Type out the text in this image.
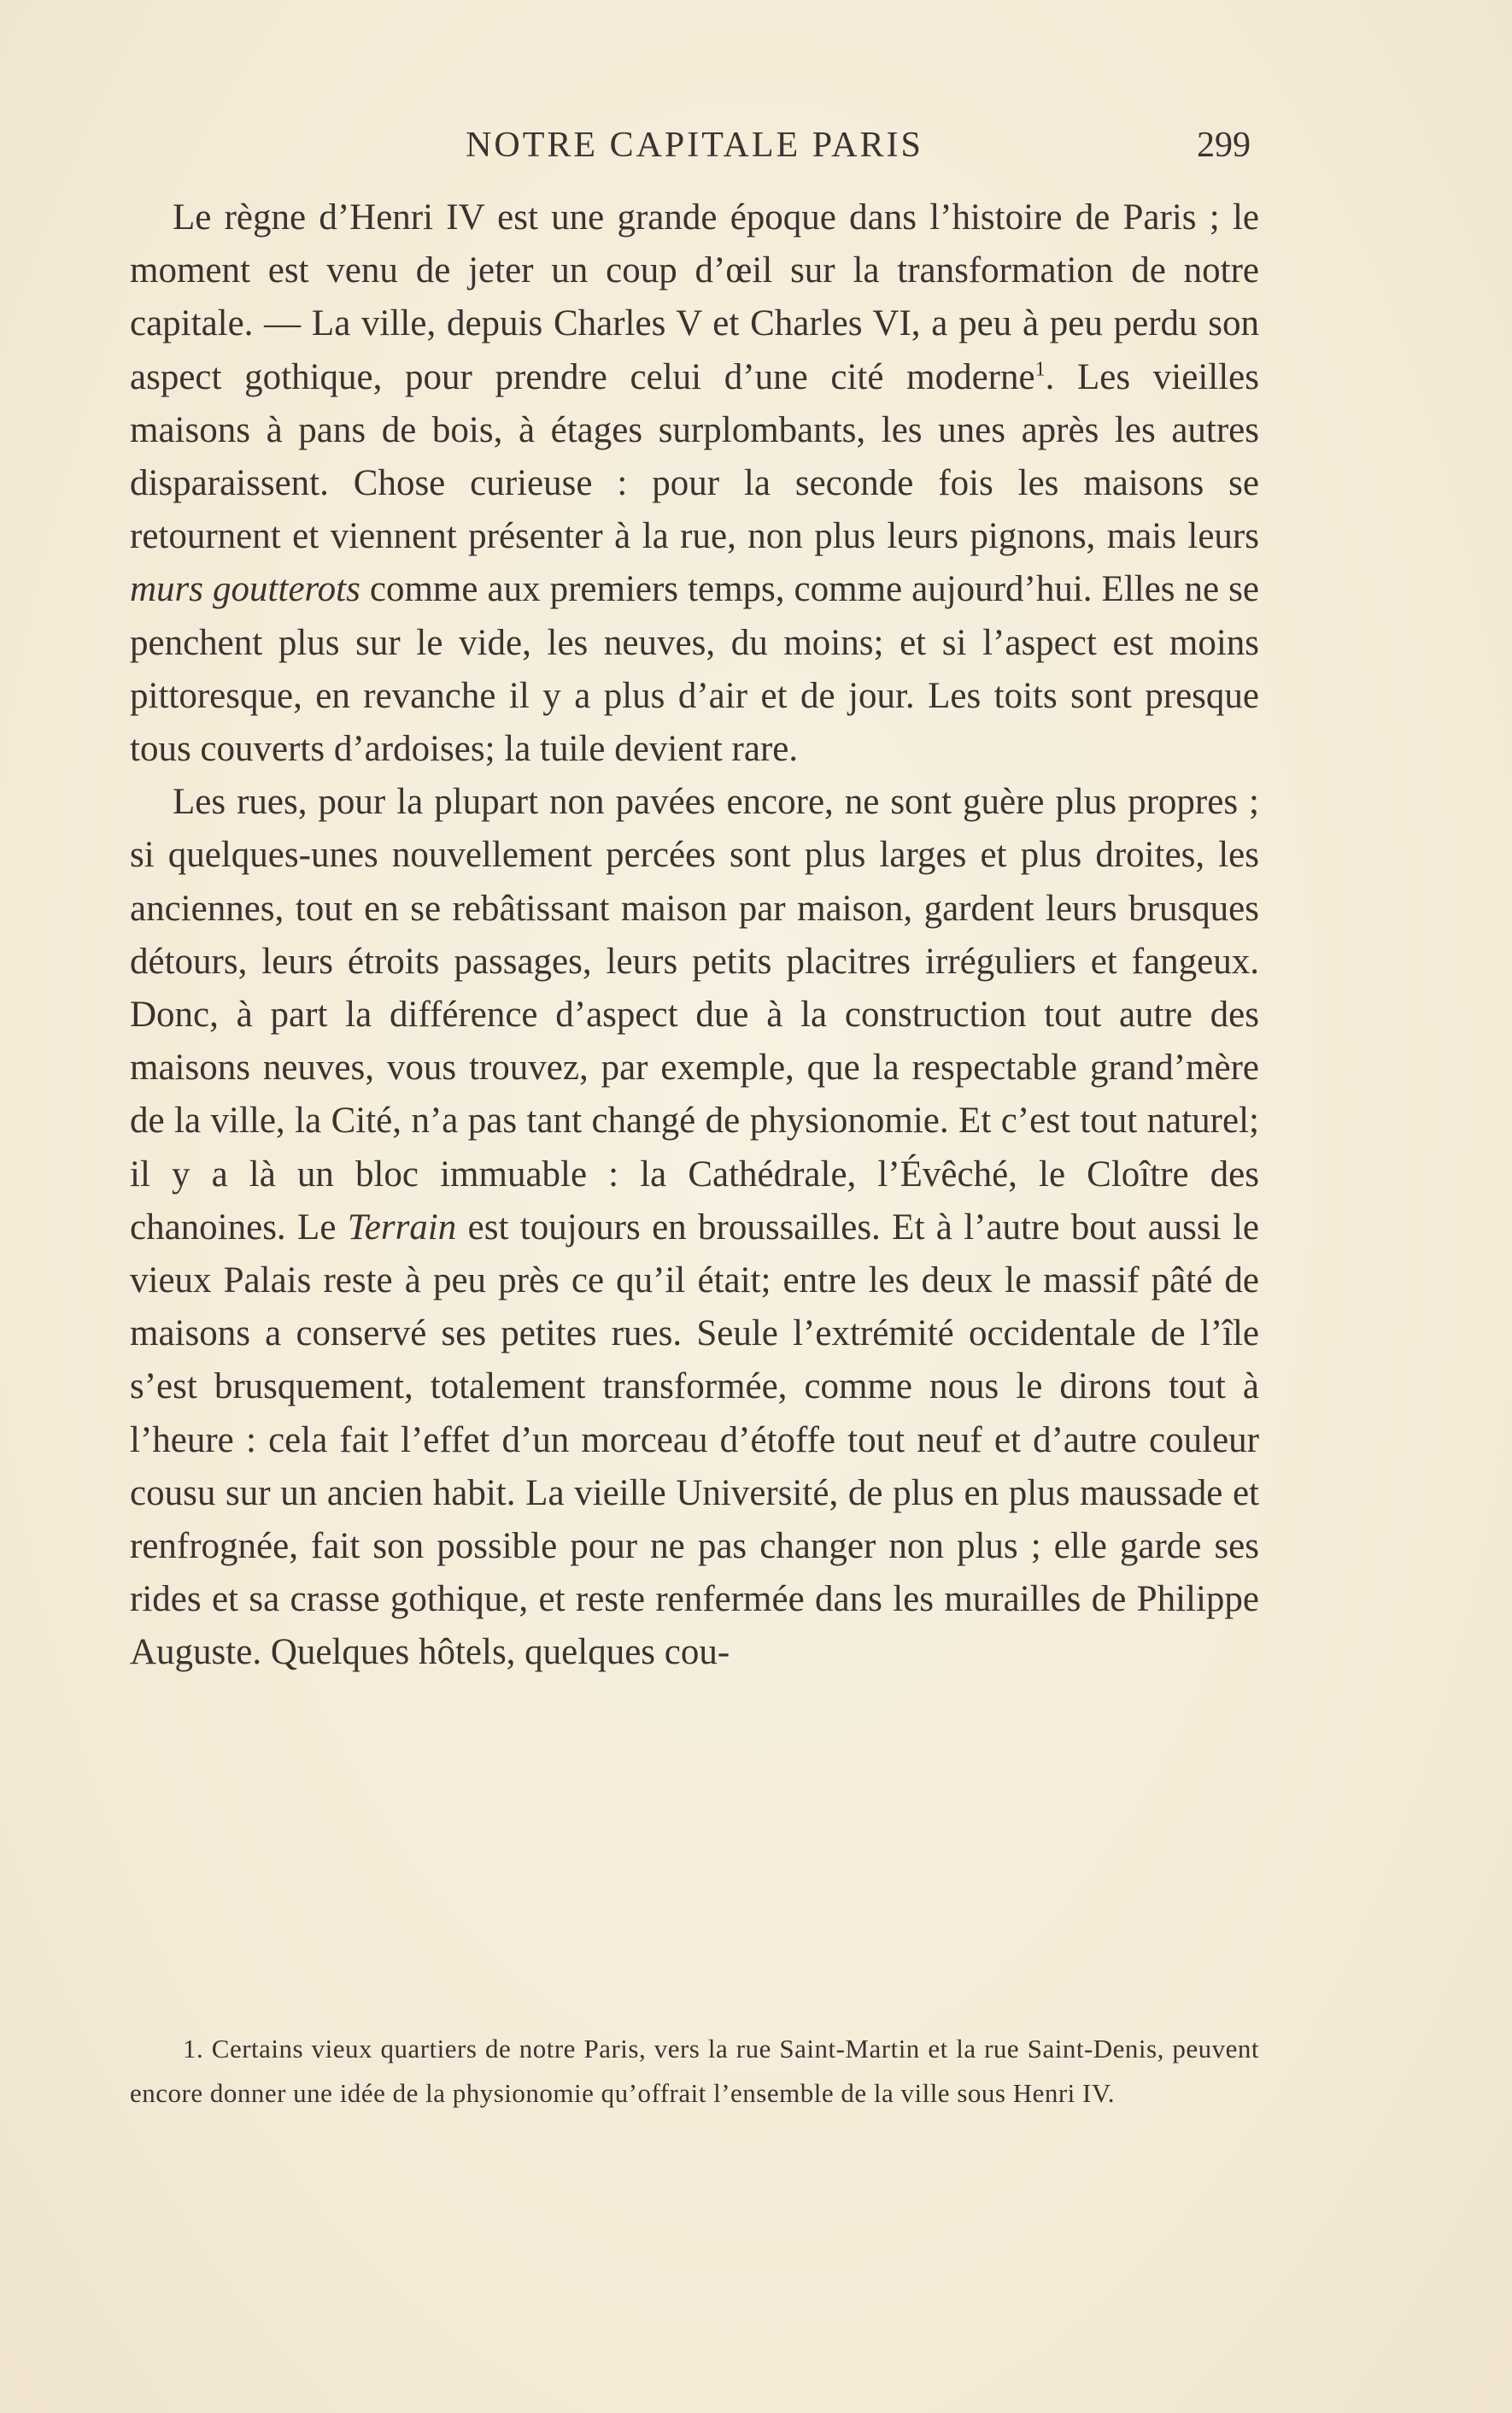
NOTRE CAPITALE PARIS	299

Le règne d’Henri IV est une grande époque dans l’histoire de Paris ; le moment est venu de jeter un coup d’œil sur la transformation de notre capitale. — La ville, depuis Charles V et Charles VI, a peu à peu perdu son aspect gothique, pour prendre celui d’une cité moderne$^1$. Les vieilles maisons à pans de bois, à étages surplombants, les unes après les autres disparaissent. Chose curieuse : pour la seconde fois les maisons se retournent et viennent présenter à la rue, non plus leurs pignons, mais leurs murs goutterots comme aux premiers temps, comme aujourd’hui. Elles ne se penchent plus sur le vide, les neuves, du moins; et si l’aspect est moins pittoresque, en revanche il y a plus d’air et de jour. Les toits sont presque tous couverts d’ardoises; la tuile devient rare.

Les rues, pour la plupart non pavées encore, ne sont guère plus propres ; si quelques-unes nouvellement percées sont plus larges et plus droites, les anciennes, tout en se rebâtissant maison par maison, gardent leurs brusques détours, leurs étroits passages, leurs petits placitres irréguliers et fangeux. Donc, à part la différence d’aspect due à la construction tout autre des maisons neuves, vous trouvez, par exemple, que la respectable grand’mère de la ville, la Cité, n’a pas tant changé de physionomie. Et c’est tout naturel; il y a là un bloc immuable : la Cathédrale, l’Évêché, le Cloître des chanoines. Le Terrain est toujours en broussailles. Et à l’autre bout aussi le vieux Palais reste à peu près ce qu’il était; entre les deux le massif pâté de maisons a conservé ses petites rues. Seule l’extrémité occidentale de l’île s’est brusquement, totalement transformée, comme nous le dirons tout à l’heure : cela fait l’effet d’un morceau d’étoffe tout neuf et d’autre couleur cousu sur un ancien habit. La vieille Université, de plus en plus maussade et renfrognée, fait son possible pour ne pas changer non plus ; elle garde ses rides et sa crasse gothique, et reste renfermée dans les murailles de Philippe Auguste. Quelques hôtels, quelques cou-

1. Certains vieux quartiers de notre Paris, vers la rue Saint-Martin et la rue Saint-Denis, peuvent encore donner une idée de la physionomie qu’offrait l’ensemble de la ville sous Henri IV.
